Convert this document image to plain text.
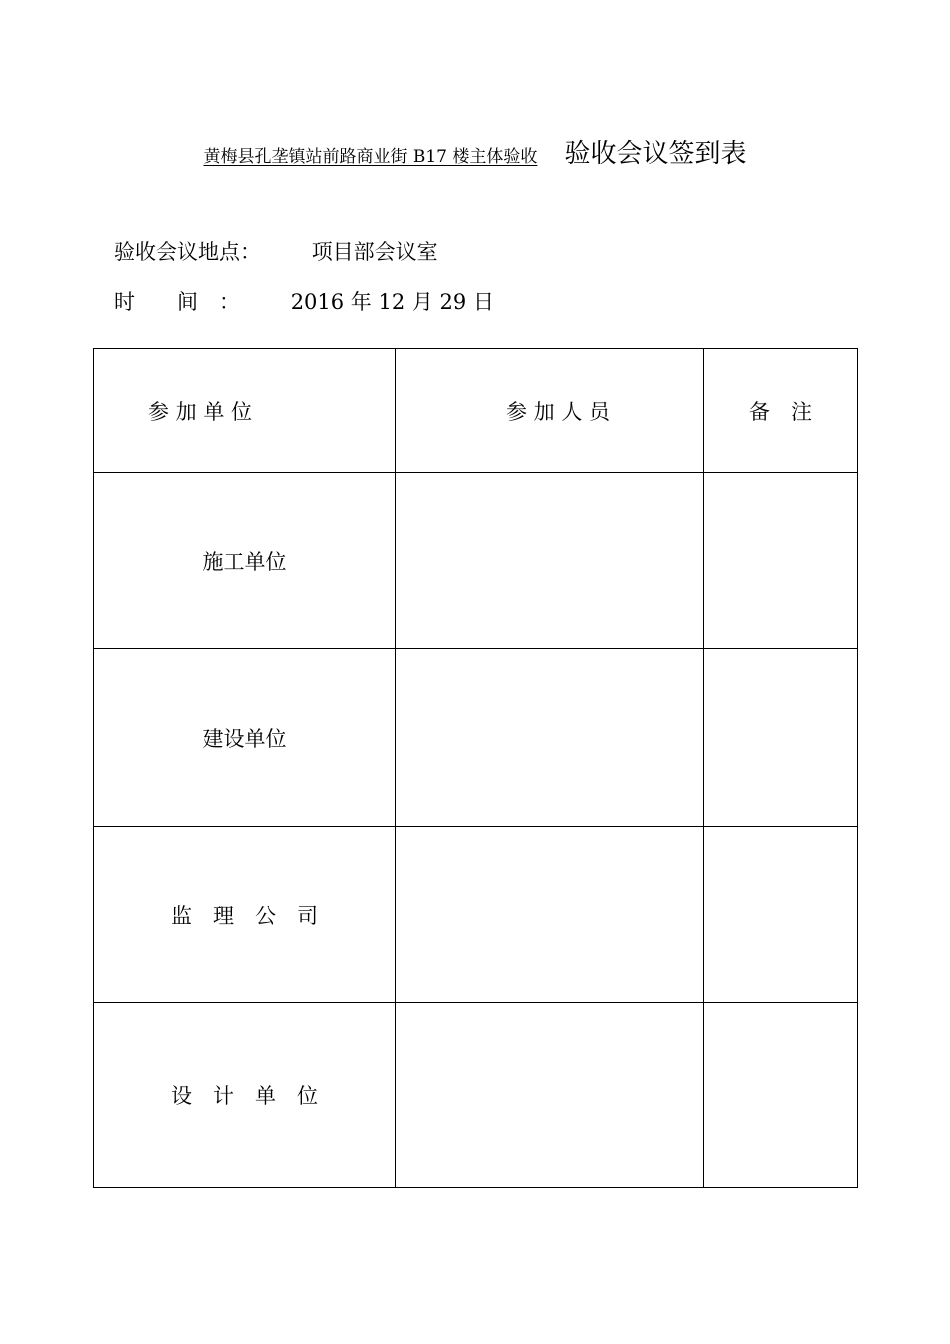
黄梅县孔垄镇站前路商业街 B17 楼主体验收 验收会议签到表
验收会议地点： 项目部会议室
时　　间　： 2016 年 12 月 29 日
参 加 单 位	参 加 人 员	备　注
施工单位		
建设单位		
监　理　公　司		
设　计　单　位		
